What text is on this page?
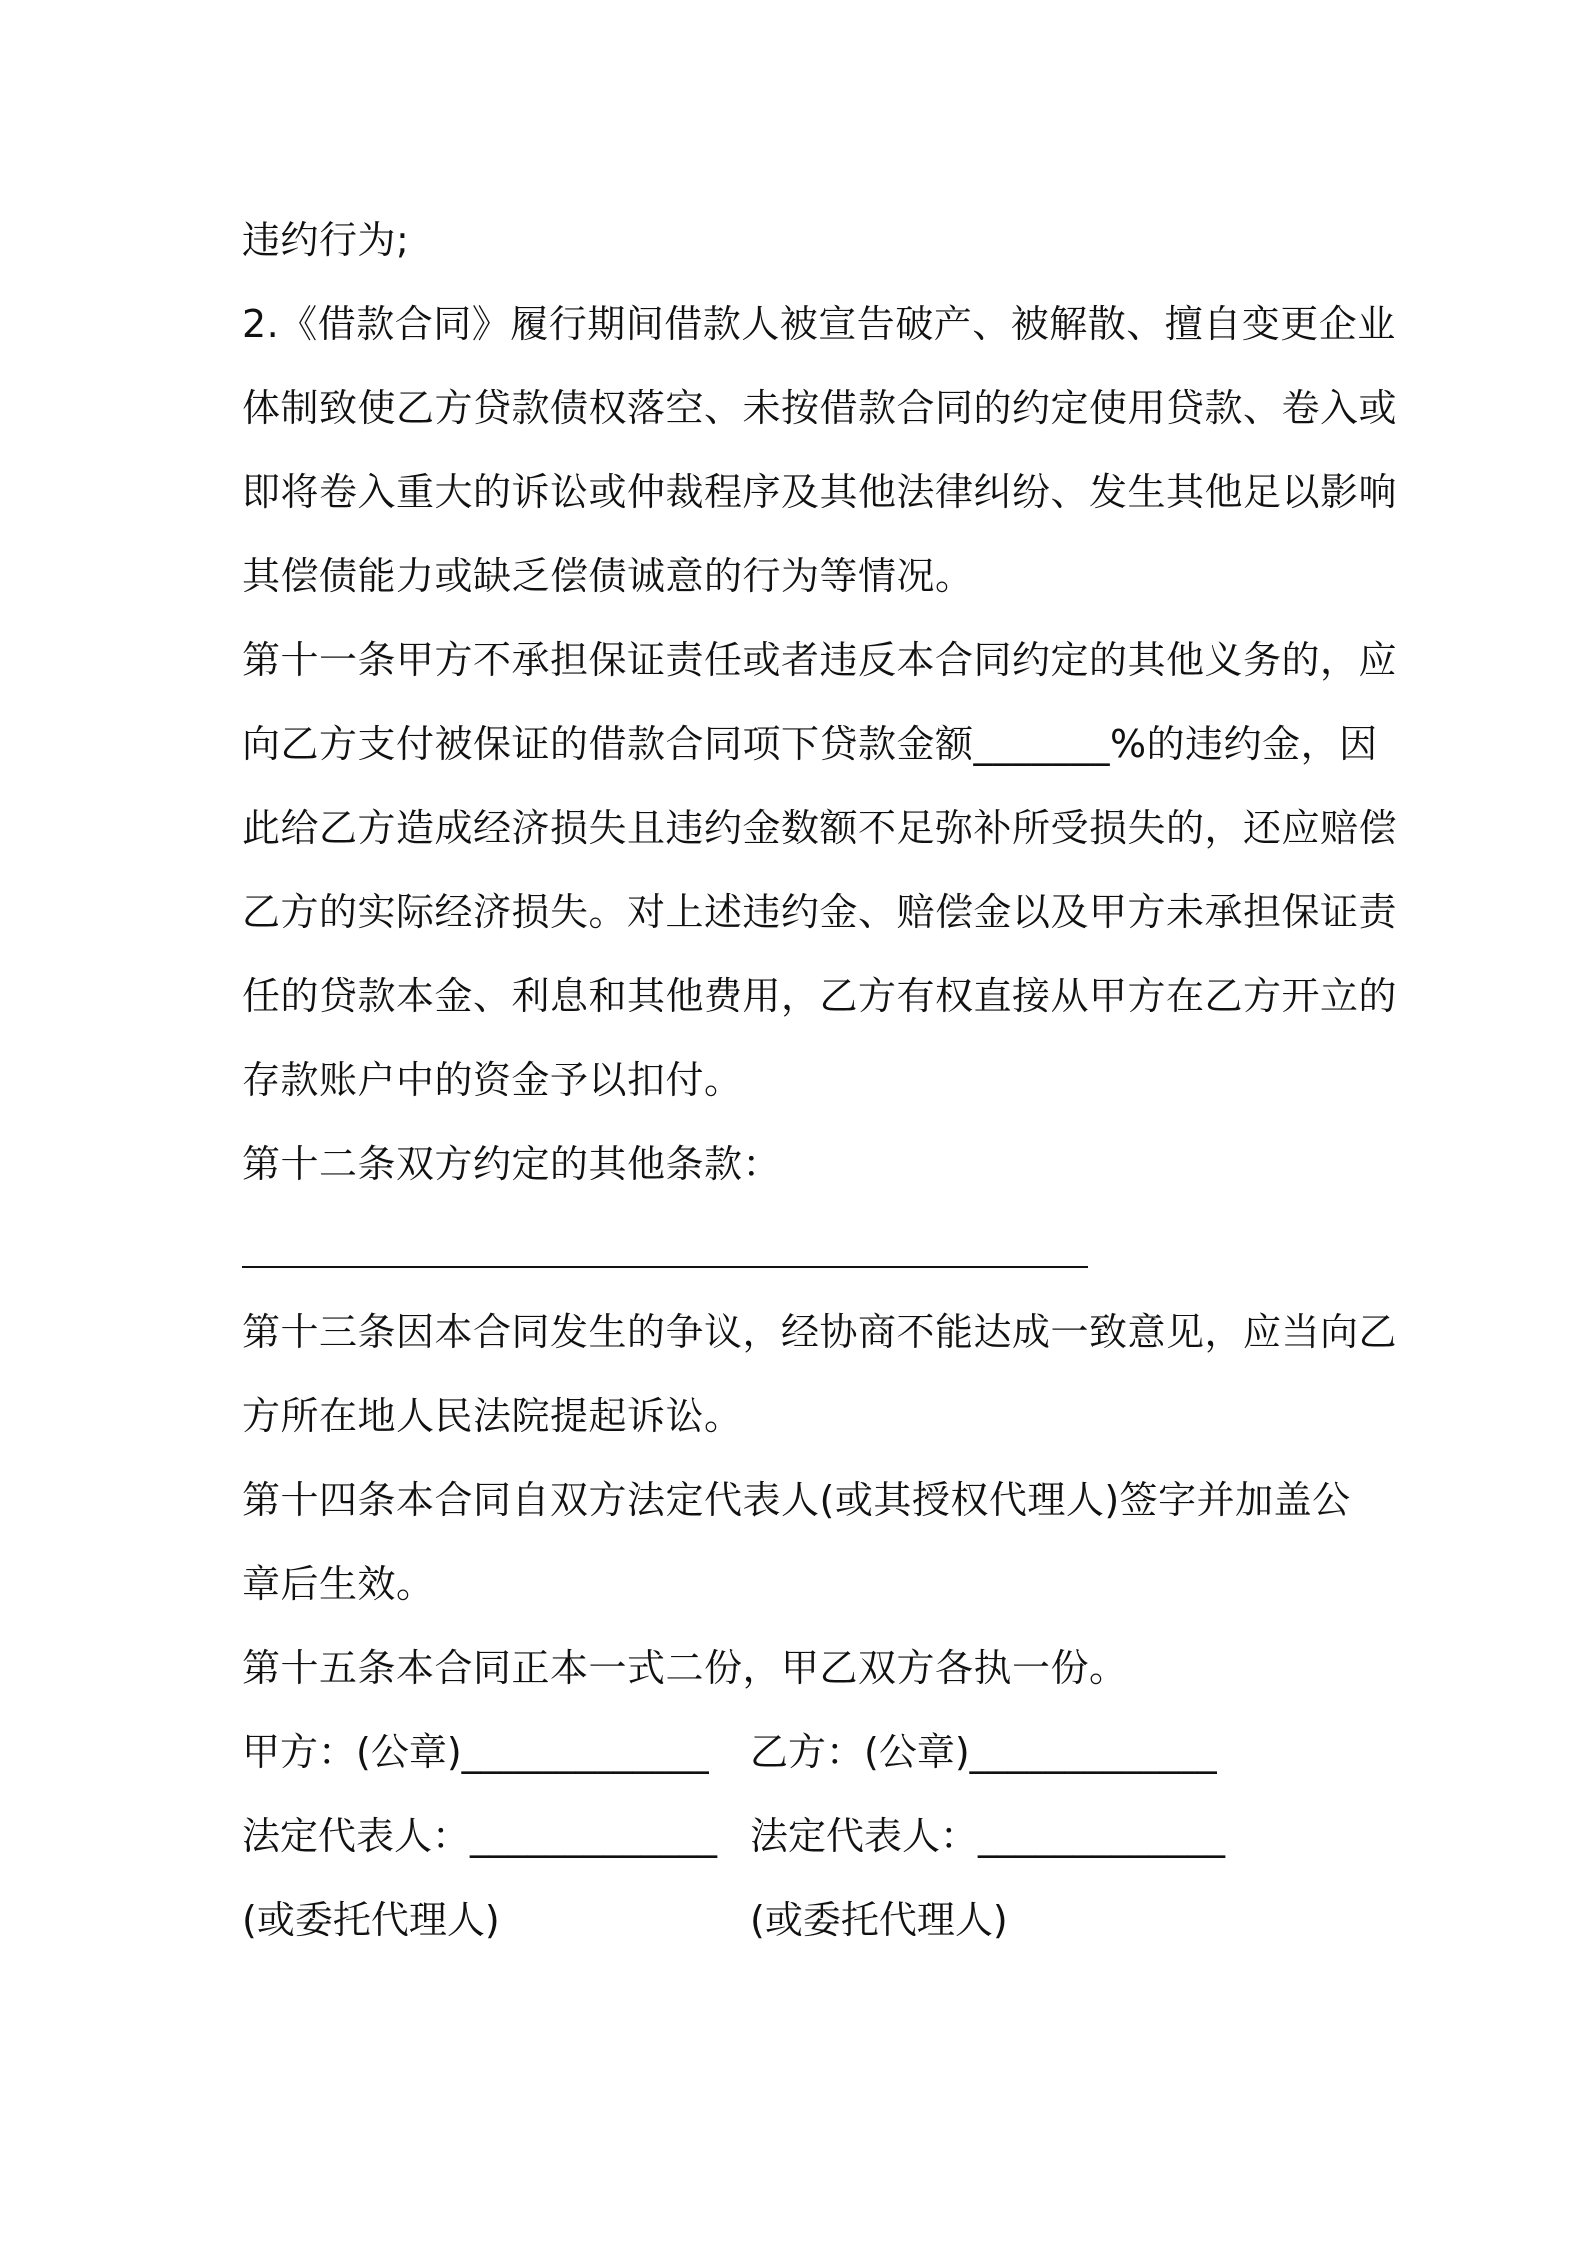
违约行为;
2.《借款合同》履行期间借款人被宣告破产、被解散、擅自变更企业
体制致使乙方贷款债权落空、未按借款合同的约定使用贷款、卷入或
即将卷入重大的诉讼或仲裁程序及其他法律纠纷、发生其他足以影响
其偿债能力或缺乏偿债诚意的行为等情况。
第十一条甲方不承担保证责任或者违反本合同约定的其他义务的，应
向乙方支付被保证的借款合同项下贷款金额_______%的违约金，因
此给乙方造成经济损失且违约金数额不足弥补所受损失的，还应赔偿
乙方的实际经济损失。对上述违约金、赔偿金以及甲方未承担保证责
任的贷款本金、利息和其他费用，乙方有权直接从甲方在乙方开立的
存款账户中的资金予以扣付。
第十二条双方约定的其他条款：
第十三条因本合同发生的争议，经协商不能达成一致意见，应当向乙
方所在地人民法院提起诉讼。
第十四条本合同自双方法定代表人(或其授权代理人)签字并加盖公
章后生效。
第十五条本合同正本一式二份，甲乙双方各执一份。
甲方：(公章)_____________ 乙方：(公章)_____________
法定代表人：_____________ 法定代表人：_____________
(或委托代理人)	(或委托代理人)
